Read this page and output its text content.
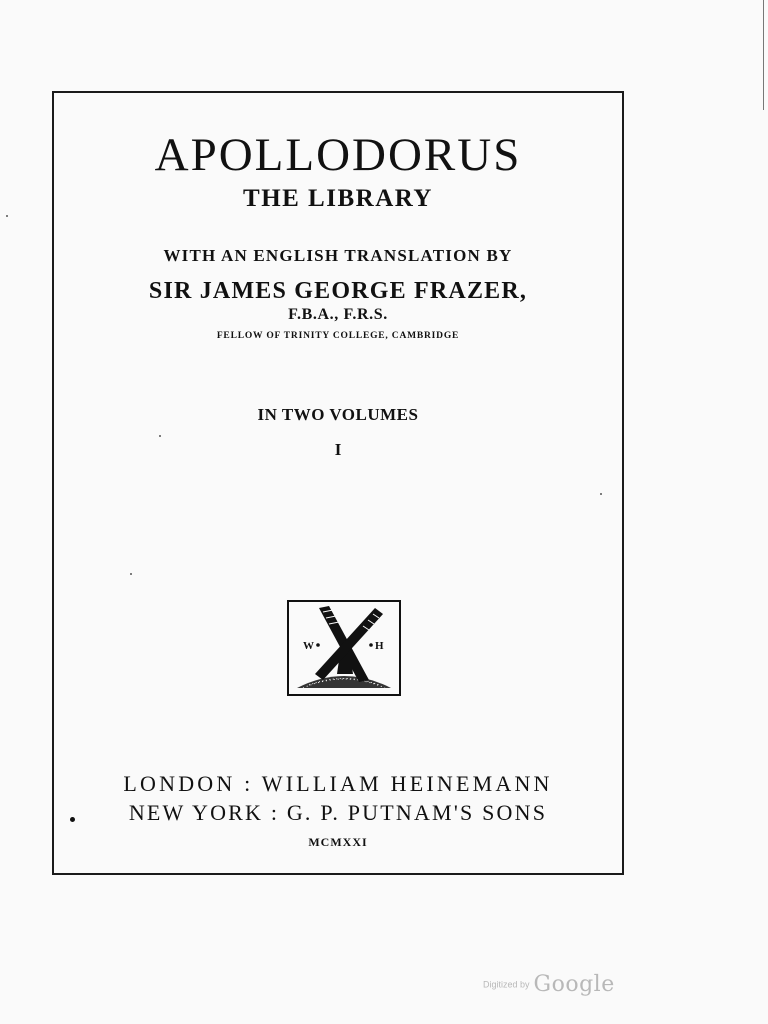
APOLLODORUS
THE LIBRARY
WITH AN ENGLISH TRANSLATION BY
SIR JAMES GEORGE FRAZER,
F.B.A., F.R.S.
FELLOW OF TRINITY COLLEGE, CAMBRIDGE
IN TWO VOLUMES
I
W	H
LONDON : WILLIAM HEINEMANN
NEW YORK : G. P. PUTNAM'S SONS
MCMXXI
Digitized by Google
